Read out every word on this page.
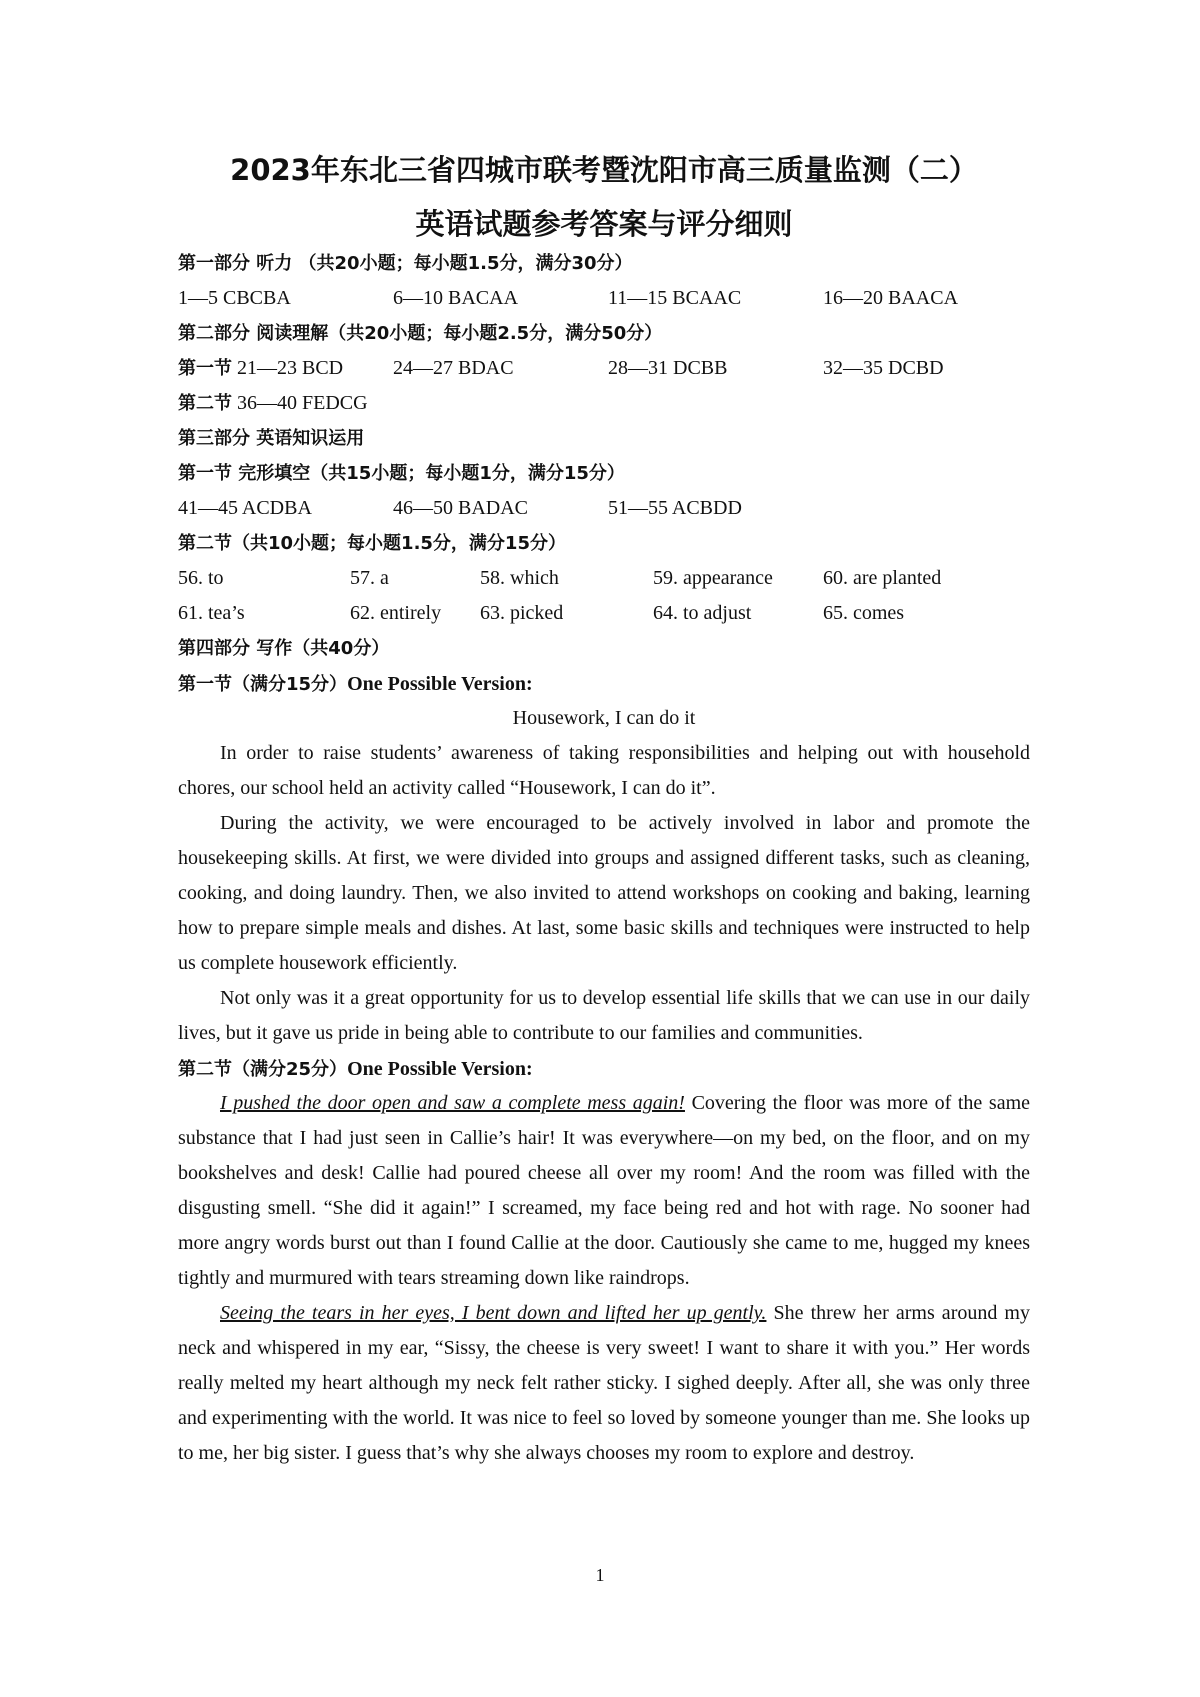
2023年东北三省四城市联考暨沈阳市高三质量监测（二）
英语试题参考答案与评分细则
第一部分 听力 （共20小题；每小题1.5分，满分30分）
1—5 CBCBA	6—10 BACAA	11—15 BCAAC	16—20 BAACA
第二部分 阅读理解（共20小题；每小题2.5分，满分50分）
第一节 21—23 BCD 24—27 BDAC	28—31 DCBB	32—35 DCBD
第二节 36—40 FEDCG
第三部分 英语知识运用
第一节 完形填空（共15小题；每小题1分，满分15分）
41—45 ACDBA	46—50 BADAC	51—55 ACBDD
第二节（共10小题；每小题1.5分，满分15分）
56. to	57. a	58. which	59. appearance	60. are planted
61. tea’s	62. entirely 63. picked	64. to adjust	65. comes
第四部分 写作（共40分）
第一节（满分15分）One Possible Version:
Housework, I can do it

In order to raise students’ awareness of taking responsibilities and helping out with household chores, our school held an activity called “Housework, I can do it”.

During the activity, we were encouraged to be actively involved in labor and promote the housekeeping skills. At first, we were divided into groups and assigned different tasks, such as cleaning, cooking, and doing laundry. Then, we also invited to attend workshops on cooking and baking, learning how to prepare simple meals and dishes. At last, some basic skills and techniques were instructed to help us complete housework efficiently.

Not only was it a great opportunity for us to develop essential life skills that we can use in our daily lives, but it gave us pride in being able to contribute to our families and communities.

第二节（满分25分）One Possible Version:

I pushed the door open and saw a complete mess again! Covering the floor was more of the same substance that I had just seen in Callie’s hair! It was everywhere—on my bed, on the floor, and on my bookshelves and desk! Callie had poured cheese all over my room! And the room was filled with the disgusting smell. “She did it again!” I screamed, my face being red and hot with rage. No sooner had more angry words burst out than I found Callie at the door. Cautiously she came to me, hugged my knees tightly and murmured with tears streaming down like raindrops.

Seeing the tears in her eyes, I bent down and lifted her up gently. She threw her arms around my neck and whispered in my ear, “Sissy, the cheese is very sweet! I want to share it with you.” Her words really melted my heart although my neck felt rather sticky. I sighed deeply. After all, she was only three and experimenting with the world. It was nice to feel so loved by someone younger than me. She looks up to me, her big sister. I guess that’s why she always chooses my room to explore and destroy.

1
